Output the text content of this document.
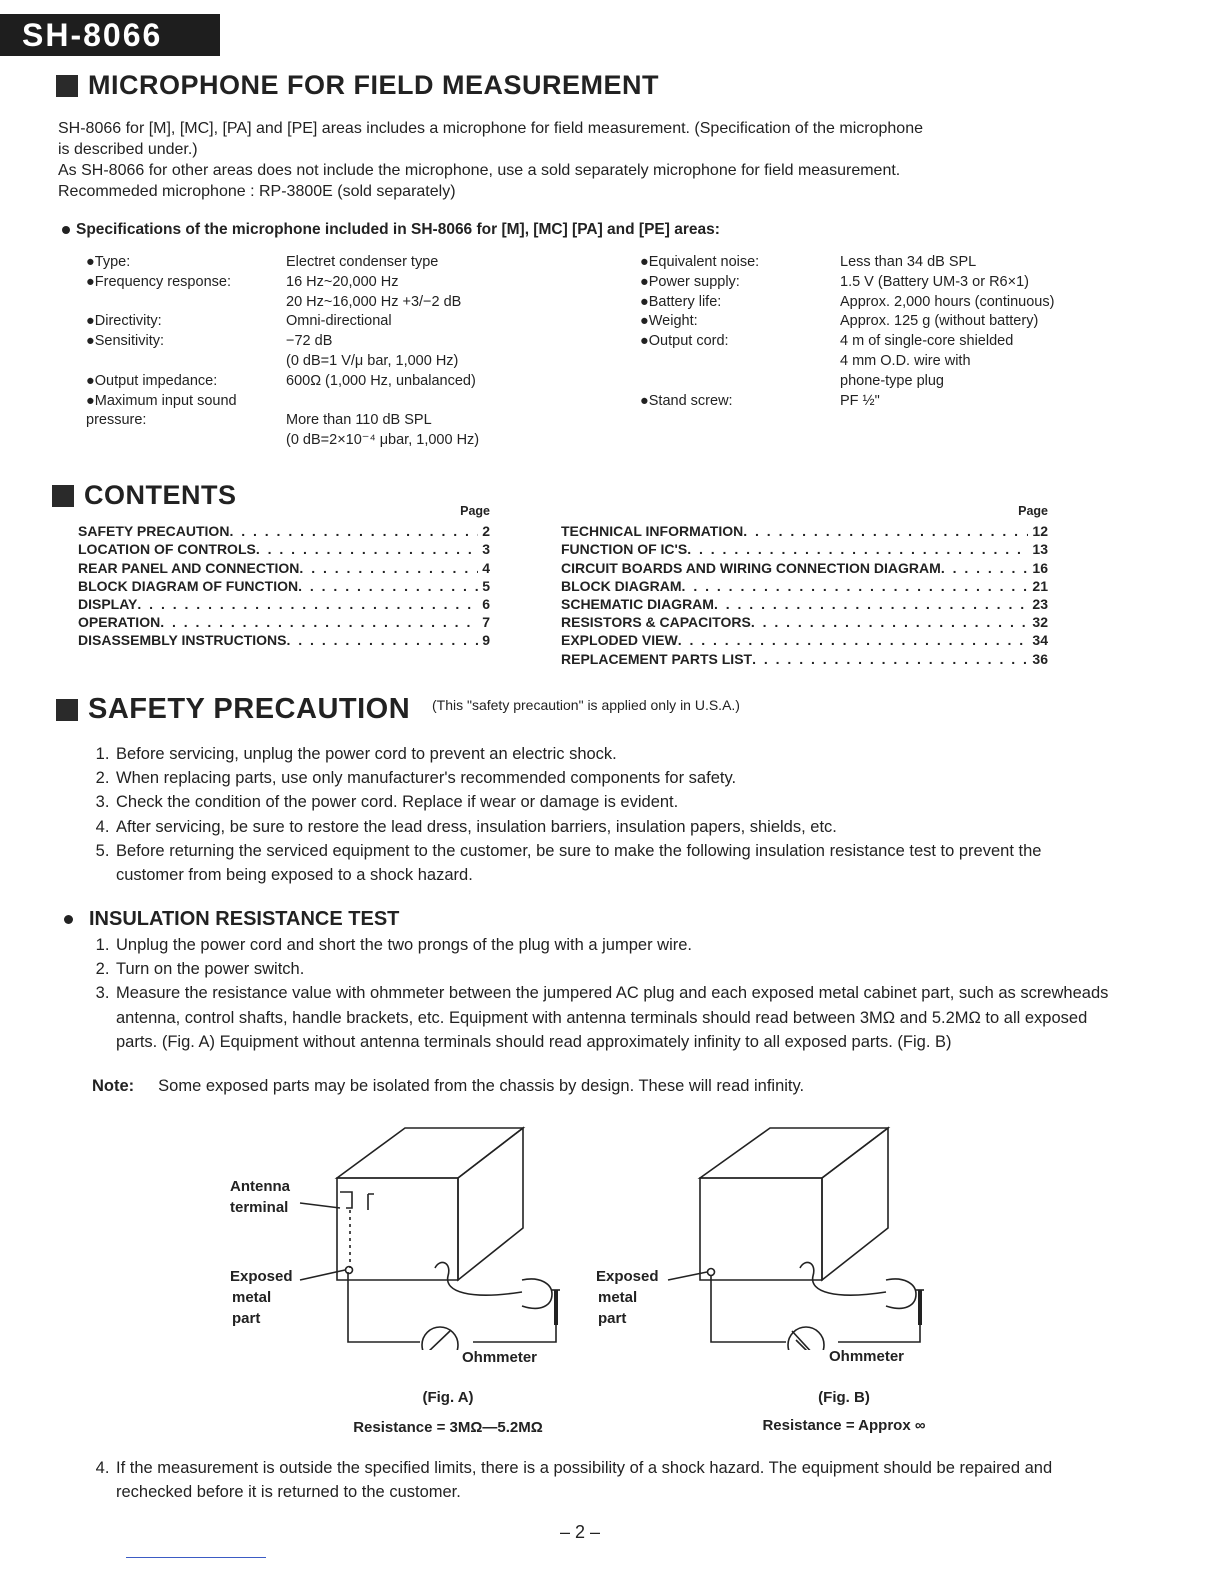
SH-8066
MICROPHONE FOR FIELD MEASUREMENT
SH-8066 for [M], [MC], [PA] and [PE] areas includes a microphone for field measurement. (Specification of the microphone
is described under.)
As SH-8066 for other areas does not include the microphone, use a sold separately microphone for field measurement.
Recommeded microphone : RP-3800E (sold separately)
Specifications of the microphone included in SH-8066 for [M], [MC] [PA] and [PE] areas:
●Type:	Electret condenser type
●Frequency response:	16 Hz~20,000 Hz
20 Hz~16,000 Hz +3/−2 dB
●Directivity:	Omni-directional
●Sensitivity:	−72 dB
(0 dB=1 V/μ bar, 1,000 Hz)
●Output impedance:	600Ω (1,000 Hz, unbalanced)
●Maximum input sound
pressure:	More than 110 dB SPL
(0 dB=2×10⁻⁴ μbar, 1,000 Hz)
●Equivalent noise:	Less than 34 dB SPL
●Power supply:	1.5 V (Battery UM-3 or R6×1)
●Battery life:	Approx. 2,000 hours (continuous)
●Weight:	Approx. 125 g (without battery)
●Output cord:	4 m of single-core shielded
4 mm O.D. wire with
phone-type plug
●Stand screw:	PF ½"
CONTENTS
Page
SAFETY PRECAUTION . . .	2
LOCATION OF CONTROLS . . .	3
REAR PANEL AND CONNECTION . . .	4
BLOCK DIAGRAM OF FUNCTION . . .	5
DISPLAY . . .	6
OPERATION . . .	7
DISASSEMBLY INSTRUCTIONS . . .	9
Page
TECHNICAL INFORMATION . . .	12
FUNCTION OF IC'S . . .	13
CIRCUIT BOARDS AND WIRING CONNECTION DIAGRAM . . .	16
BLOCK DIAGRAM . . .	21
SCHEMATIC DIAGRAM . . .	23
RESISTORS & CAPACITORS . . .	32
EXPLODED VIEW . . .	34
REPLACEMENT PARTS LIST . . .	36
SAFETY PRECAUTION (This "safety precaution" is applied only in U.S.A.)
1. Before servicing, unplug the power cord to prevent an electric shock.
2. When replacing parts, use only manufacturer's recommended components for safety.
3. Check the condition of the power cord. Replace if wear or damage is evident.
4. After servicing, be sure to restore the lead dress, insulation barriers, insulation papers, shields, etc.
5. Before returning the serviced equipment to the customer, be sure to make the following insulation resistance test to prevent the customer from being exposed to a shock hazard.
INSULATION RESISTANCE TEST
1. Unplug the power cord and short the two prongs of the plug with a jumper wire.
2. Turn on the power switch.
3. Measure the resistance value with ohmmeter between the jumpered AC plug and each exposed metal cabinet part, such as screwheads antenna, control shafts, handle brackets, etc. Equipment with antenna terminals should read between 3MΩ and 5.2MΩ to all exposed parts. (Fig. A) Equipment without antenna terminals should read approximately infinity to all exposed parts. (Fig. B)
Note: Some exposed parts may be isolated from the chassis by design. These will read infinity.
Antenna
terminal
Exposed
metal
part
Exposed
metal
part
Ohmmeter	Ohmmeter
(Fig. A)
Resistance = 3MΩ—5.2MΩ
(Fig. B)
Resistance = Approx ∞
4. If the measurement is outside the specified limits, there is a possibility of a shock hazard. The equipment should be repaired and rechecked before it is returned to the customer.
– 2 –
